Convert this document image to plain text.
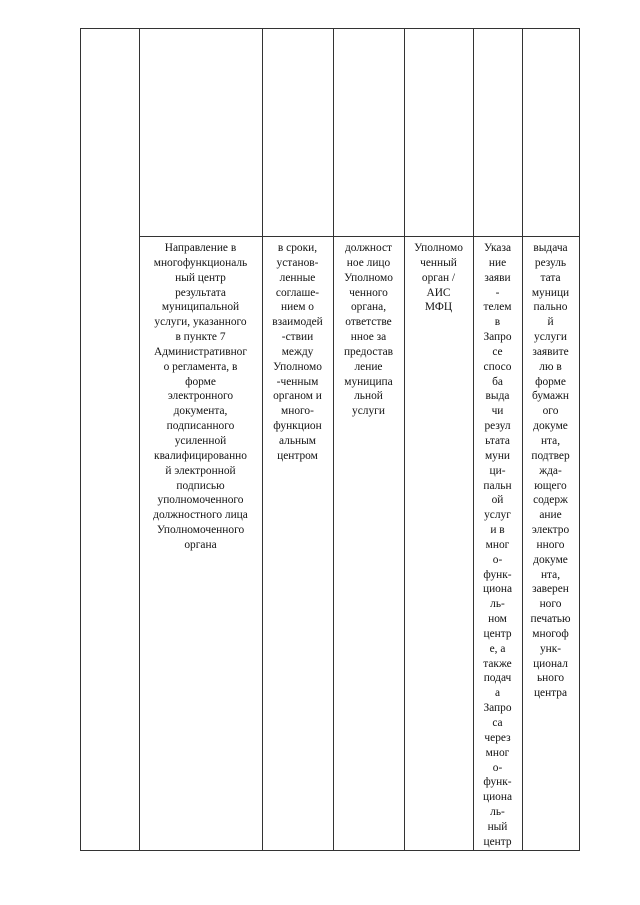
Направление в
многофункциональ
ный центр
результата
муниципальной
услуги, указанного
в пункте 7
Административног
о регламента, в
форме
электронного
документа,
подписанного
усиленной
квалифицированно
й электронной
подписью
уполномоченного
должностного лица
Уполномоченного
органа
в сроки,
установ-
ленные
соглаше-
нием о
взаимодей
-ствии
между
Уполномо
-ченным
органом и
много-
функцион
альным
центром
должност
ное лицо
Уполномо
ченного
органа,
ответстве
нное за
предостав
ление
муниципа
льной
услуги
Уполномо
ченный
орган /
АИС
МФЦ
Указа
ние
заяви
-
телем
в
Запро
се
спосо
ба
выда
чи
резул
ьтата
муни
ци-
пальн
ой
услуг
и в
мног
о-
функ-
циона
ль-
ном
центр
е, а
также
подач
а
Запро
са
через
мног
о-
функ-
циона
ль-
ный
центр
выдача
резуль
тата
муници
пально
й
услуги
заявите
лю в
форме
бумажн
ого
докуме
нта,
подтвер
ждa-
ющего
содерж
ание
электро
нного
докуме
нта,
заверен
ного
печатью
многоф
унк-
ционал
ьного
центра
